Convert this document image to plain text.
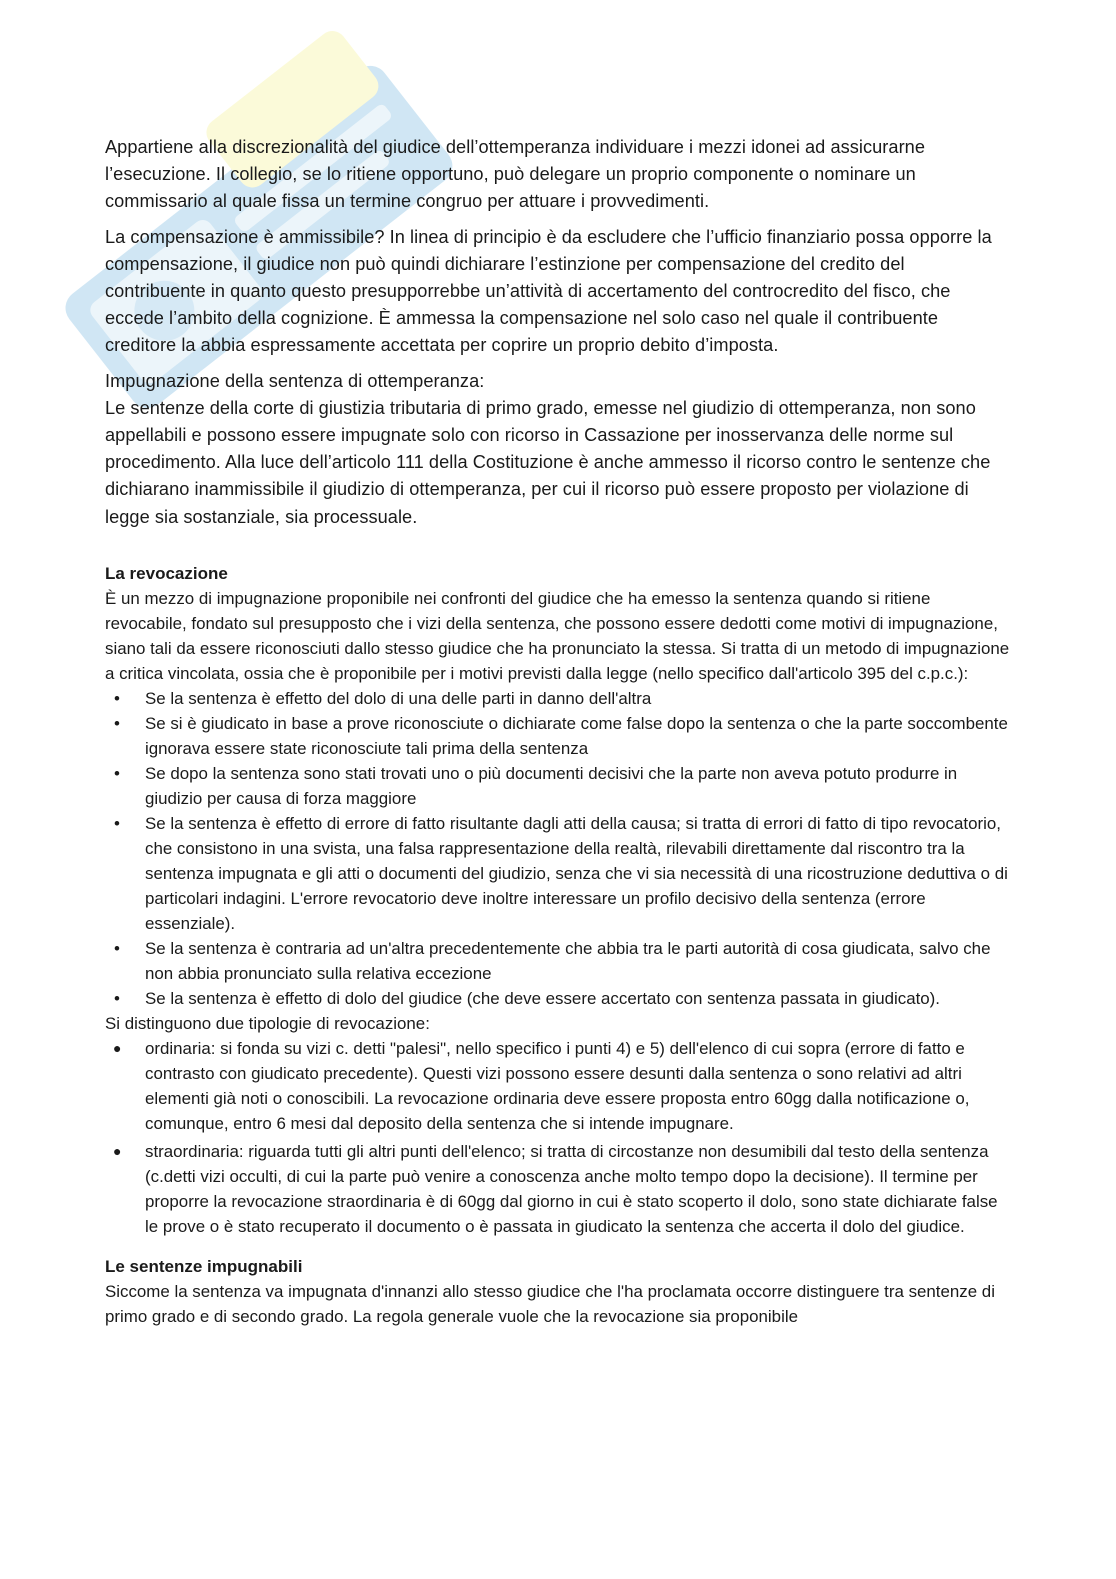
Appartiene alla discrezionalità del giudice dell’ottemperanza individuare i mezzi idonei ad assicurarne l’esecuzione. Il collegio, se lo ritiene opportuno, può delegare un proprio componente o nominare un commissario al quale fissa un termine congruo per attuare i provvedimenti.

La compensazione è ammissibile? In linea di principio è da escludere che l’ufficio finanziario possa opporre la compensazione, il giudice non può quindi dichiarare l’estinzione per compensazione del credito del contribuente in quanto questo presupporrebbe un’attività di accertamento del controcredito del fisco, che eccede l’ambito della cognizione. È ammessa la compensazione nel solo caso nel quale il contribuente creditore la abbia espressamente accettata per coprire un proprio debito d’imposta.

Impugnazione della sentenza di ottemperanza:

Le sentenze della corte di giustizia tributaria di primo grado, emesse nel giudizio di ottemperanza, non sono appellabili e possono essere impugnate solo con ricorso in Cassazione per inosservanza delle norme sul procedimento. Alla luce dell’articolo 111 della Costituzione è anche ammesso il ricorso contro le sentenze che dichiarano inammissibile il giudizio di ottemperanza, per cui il ricorso può essere proposto per violazione di legge sia sostanziale, sia processuale.

La revocazione

È un mezzo di impugnazione proponibile nei confronti del giudice che ha emesso la sentenza quando si ritiene revocabile, fondato sul presupposto che i vizi della sentenza, che possono essere dedotti come motivi di impugnazione, siano tali da essere riconosciuti dallo stesso giudice che ha pronunciato la stessa. Si tratta di un metodo di impugnazione a critica vincolata, ossia che è proponibile per i motivi previsti dalla legge (nello specifico dall'articolo 395 del c.p.c.):

• Se la sentenza è effetto del dolo di una delle parti in danno dell'altra
• Se si è giudicato in base a prove riconosciute o dichiarate come false dopo la sentenza o che la parte soccombente ignorava essere state riconosciute tali prima della sentenza
• Se dopo la sentenza sono stati trovati uno o più documenti decisivi che la parte non aveva potuto produrre in giudizio per causa di forza maggiore
• Se la sentenza è effetto di errore di fatto risultante dagli atti della causa; si tratta di errori di fatto di tipo revocatorio, che consistono in una svista, una falsa rappresentazione della realtà, rilevabili direttamente dal riscontro tra la sentenza impugnata e gli atti o documenti del giudizio, senza che vi sia necessità di una ricostruzione deduttiva o di particolari indagini. L'errore revocatorio deve inoltre interessare un profilo decisivo della sentenza (errore essenziale).
• Se la sentenza è contraria ad un'altra precedentemente che abbia tra le parti autorità di cosa giudicata, salvo che non abbia pronunciato sulla relativa eccezione
• Se la sentenza è effetto di dolo del giudice (che deve essere accertato con sentenza passata in giudicato).

Si distinguono due tipologie di revocazione:

● ordinaria: si fonda su vizi c. detti "palesi", nello specifico i punti 4) e 5) dell'elenco di cui sopra (errore di fatto e contrasto con giudicato precedente). Questi vizi possono essere desunti dalla sentenza o sono relativi ad altri elementi già noti o conoscibili. La revocazione ordinaria deve essere proposta entro 60gg dalla notificazione o, comunque, entro 6 mesi dal deposito della sentenza che si intende impugnare.
● straordinaria: riguarda tutti gli altri punti dell'elenco; si tratta di circostanze non desumibili dal testo della sentenza (c.detti vizi occulti, di cui la parte può venire a conoscenza anche molto tempo dopo la decisione). Il termine per proporre la revocazione straordinaria è di 60gg dal giorno in cui è stato scoperto il dolo, sono state dichiarate false le prove o è stato recuperato il documento o è passata in giudicato la sentenza che accerta il dolo del giudice.

Le sentenze impugnabili

Siccome la sentenza va impugnata d'innanzi allo stesso giudice che l'ha proclamata occorre distinguere tra sentenze di primo grado e di secondo grado. La regola generale vuole che la revocazione sia proponibile
